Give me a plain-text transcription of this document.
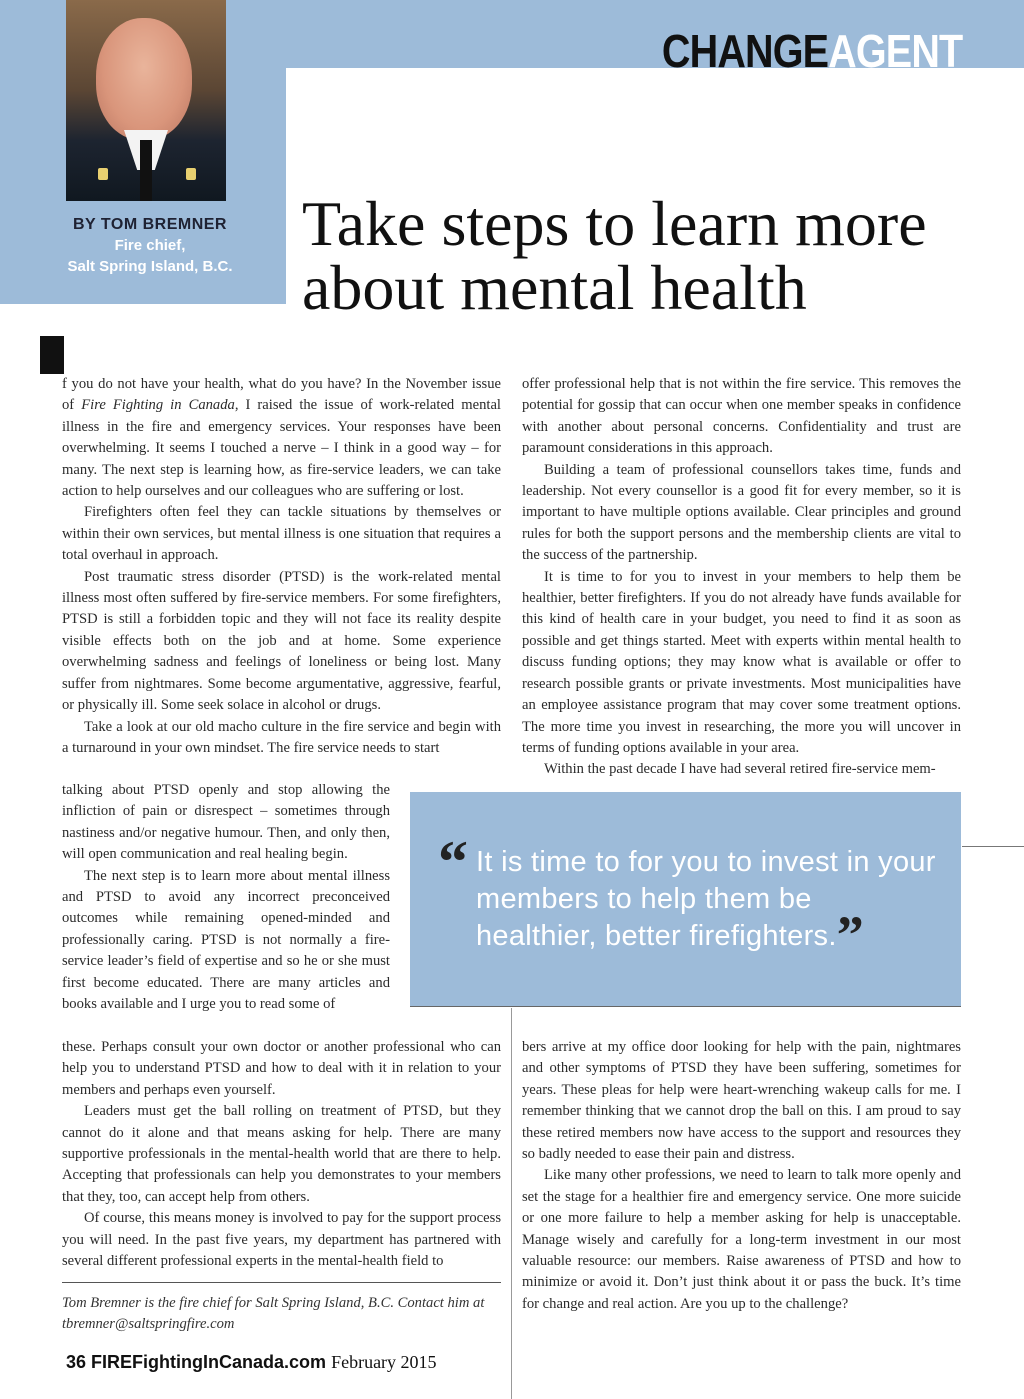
BY TOM BREMNER
Fire chief,
Salt Spring Island, B.C.
CHANGEAGENT
Take steps to learn more about mental health

f you do not have your health, what do you have? In the November issue of Fire Fighting in Canada, I raised the issue of work-related mental illness in the fire and emergency services. Your responses have been overwhelming. It seems I touched a nerve – I think in a good way – for many. The next step is learning how, as fire-service leaders, we can take action to help ourselves and our colleagues who are suffering or lost.

Firefighters often feel they can tackle situations by themselves or within their own services, but mental illness is one situation that requires a total overhaul in approach.

Post traumatic stress disorder (PTSD) is the work-related mental illness most often suffered by fire-service members. For some firefighters, PTSD is still a forbidden topic and they will not face its reality despite visible effects both on the job and at home. Some experience overwhelming sadness and feelings of loneliness or being lost. Many suffer from nightmares. Some become argumentative, aggressive, fearful, or physically ill. Some seek solace in alcohol or drugs.

Take a look at our old macho culture in the fire service and begin with a turnaround in your own mindset. The fire service needs to start

talking about PTSD openly and stop allowing the infliction of pain or disrespect – sometimes through nastiness and/or negative humour. Then, and only then, will open communication and real healing begin.

The next step is to learn more about mental illness and PTSD to avoid any incorrect preconceived outcomes while remaining opened-minded and professionally caring. PTSD is not normally a fire-service leader’s field of expertise and so he or she must first become educated. There are many articles and books available and I urge you to read some of

these. Perhaps consult your own doctor or another professional who can help you to understand PTSD and how to deal with it in relation to your members and perhaps even yourself.

Leaders must get the ball rolling on treatment of PTSD, but they cannot do it alone and that means asking for help. There are many supportive professionals in the mental-health world that are there to help. Accepting that professionals can help you demonstrates to your members that they, too, can accept help from others.

Of course, this means money is involved to pay for the support process you will need. In the past five years, my department has partnered with several different professional experts in the mental-health field to

offer professional help that is not within the fire service. This removes the potential for gossip that can occur when one member speaks in confidence with another about personal concerns. Confidentiality and trust are paramount considerations in this approach.

Building a team of professional counsellors takes time, funds and leadership. Not every counsellor is a good fit for every member, so it is important to have multiple options available. Clear principles and ground rules for both the support persons and the membership clients are vital to the success of the partnership.

It is time to for you to invest in your members to help them be healthier, better firefighters. If you do not already have funds available for this kind of health care in your budget, you need to find it as soon as possible and get things started. Meet with experts within mental health to discuss funding options; they may know what is available or offer to research possible grants or private investments. Most municipalities have an employee assistance program that may cover some treatment options. The more time you invest in researching, the more you will uncover in terms of funding options available in your area.

Within the past decade I have had several retired fire-service mem-

“ It is time to for you to invest in your members to help them be healthier, better firefighters.”

bers arrive at my office door looking for help with the pain, nightmares and other symptoms of PTSD they have been suffering, sometimes for years. These pleas for help were heart-wrenching wakeup calls for me. I remember thinking that we cannot drop the ball on this. I am proud to say these retired members now have access to the support and resources they so badly needed to ease their pain and distress.

Like many other professions, we need to learn to talk more openly and set the stage for a healthier fire and emergency service. One more suicide or one more failure to help a member asking for help is unacceptable. Manage wisely and carefully for a long-term investment in our most valuable resource: our members. Raise awareness of PTSD and how to minimize or avoid it. Don’t just think about it or pass the buck. It’s time for change and real action. Are you up to the challenge?

Tom Bremner is the fire chief for Salt Spring Island, B.C. Contact him at tbremner@saltspringfire.com
36 FIREFightingInCanada.com February 2015
